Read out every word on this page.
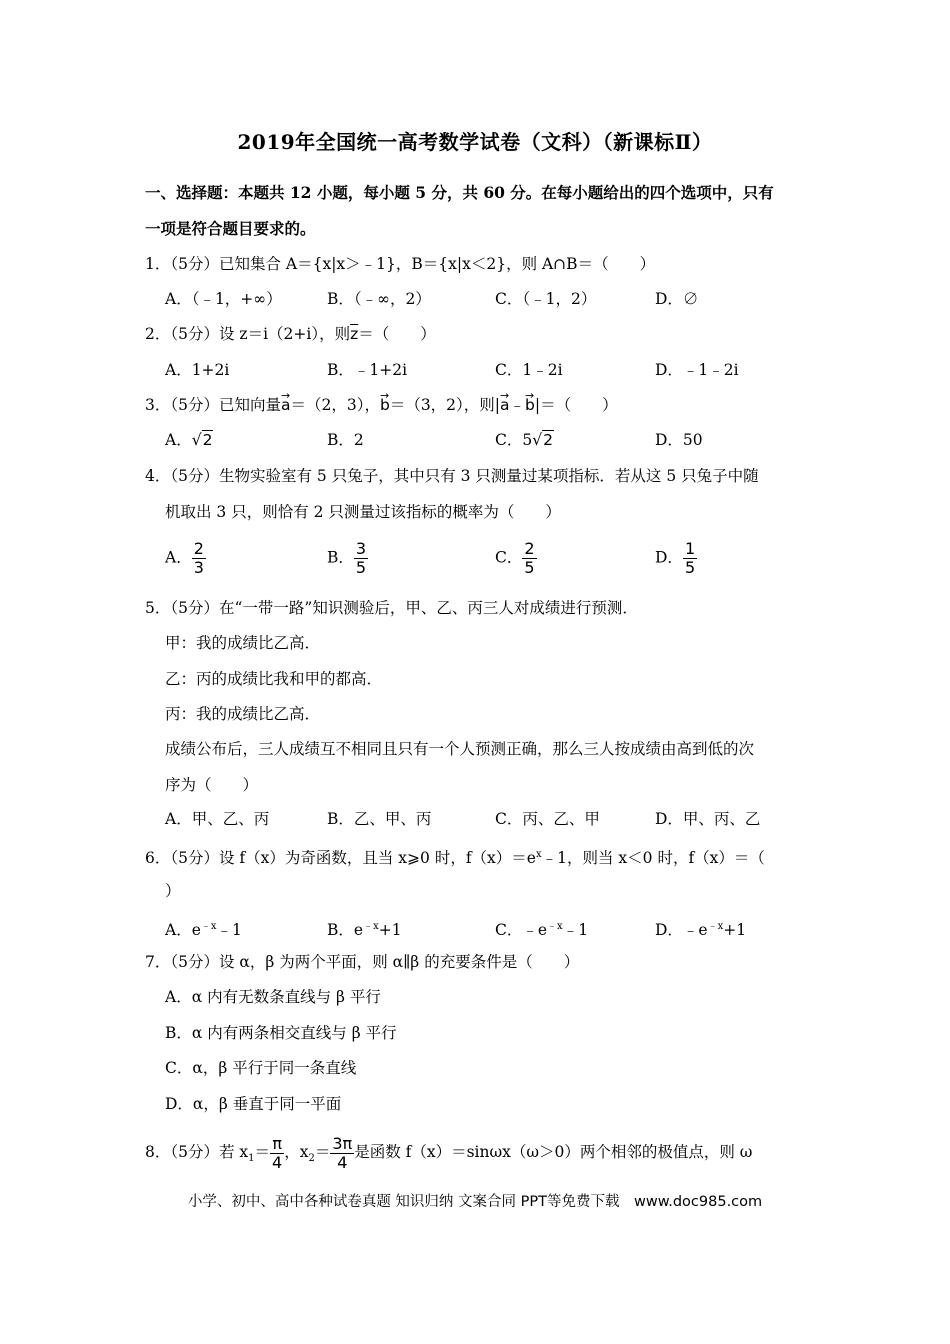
2019年全国统一高考数学试卷（文科）（新课标Ⅱ）
一、选择题：本题共 12 小题，每小题 5 分，共 60 分。在每小题给出的四个选项中，只有
一项是符合题目要求的。
1．（5分）已知集合 A＝{x|x＞﹣1}，B＝{x|x＜2}，则 A∩B＝（　　）
A．（﹣1，+∞）	B．（﹣∞，2）	C．（﹣1，2）	D．∅
2．（5分）设 z＝i（2+i），则$\overline{z}=$（　　）
A．1+2i	B．﹣1+2i	C．1﹣2i	D．﹣1﹣2i
3．（5分）已知向量→ a＝（2，3），→ b＝（3，2），则|→ a﹣→ b|＝（　　）
A．√2	B．2	C．5√2	D．50
4．（5分）生物实验室有 5 只兔子，其中只有 3 只测量过某项指标．若从这 5 只兔子中随
机取出 3 只，则恰有 2 只测量过该指标的概率为（　　）
A． $\frac{2}{3}$	B． $\frac{3}{5}$	C． $\frac{2}{5}$	D． $\frac{1}{5}$
5．（5分）在“一带一路”知识测验后，甲、乙、丙三人对成绩进行预测．
甲：我的成绩比乙高．
乙：丙的成绩比我和甲的都高．
丙：我的成绩比乙高．
成绩公布后，三人成绩互不相同且只有一个人预测正确，那么三人按成绩由高到低的次
序为（　　）
A．甲、乙、丙	B．乙、甲、丙	C．丙、乙、甲	D．甲、丙、乙
6．（5分）设 f（x）为奇函数，且当 x⩾0 时，$f(x)=e^x﹣1$，则当 x＜0 时，f（x）＝（
）
A．$e^{﹣x}﹣1$	B．$e^{﹣x}+1$	C．$﹣e^{﹣x}﹣1$	D．$﹣e^{﹣x}+1$
7．（5分）设 α，β 为两个平面，则 α∥β 的充要条件是（　　）
A．α 内有无数条直线与 β 平行
B．α 内有两条相交直线与 β 平行
C．α，β 平行于同一条直线
D．α，β 垂直于同一平面
8．（5分）若 $x_1= \frac{\pi}{4}$ ，$x_2= \frac{3\pi}{4}$ 是函数 f（x）＝sinωx（ω＞0）两个相邻的极值点，则 ω
小学、初中、高中各种试卷真题 知识归纳 文案合同 PPT等免费下载　www.doc985.com
